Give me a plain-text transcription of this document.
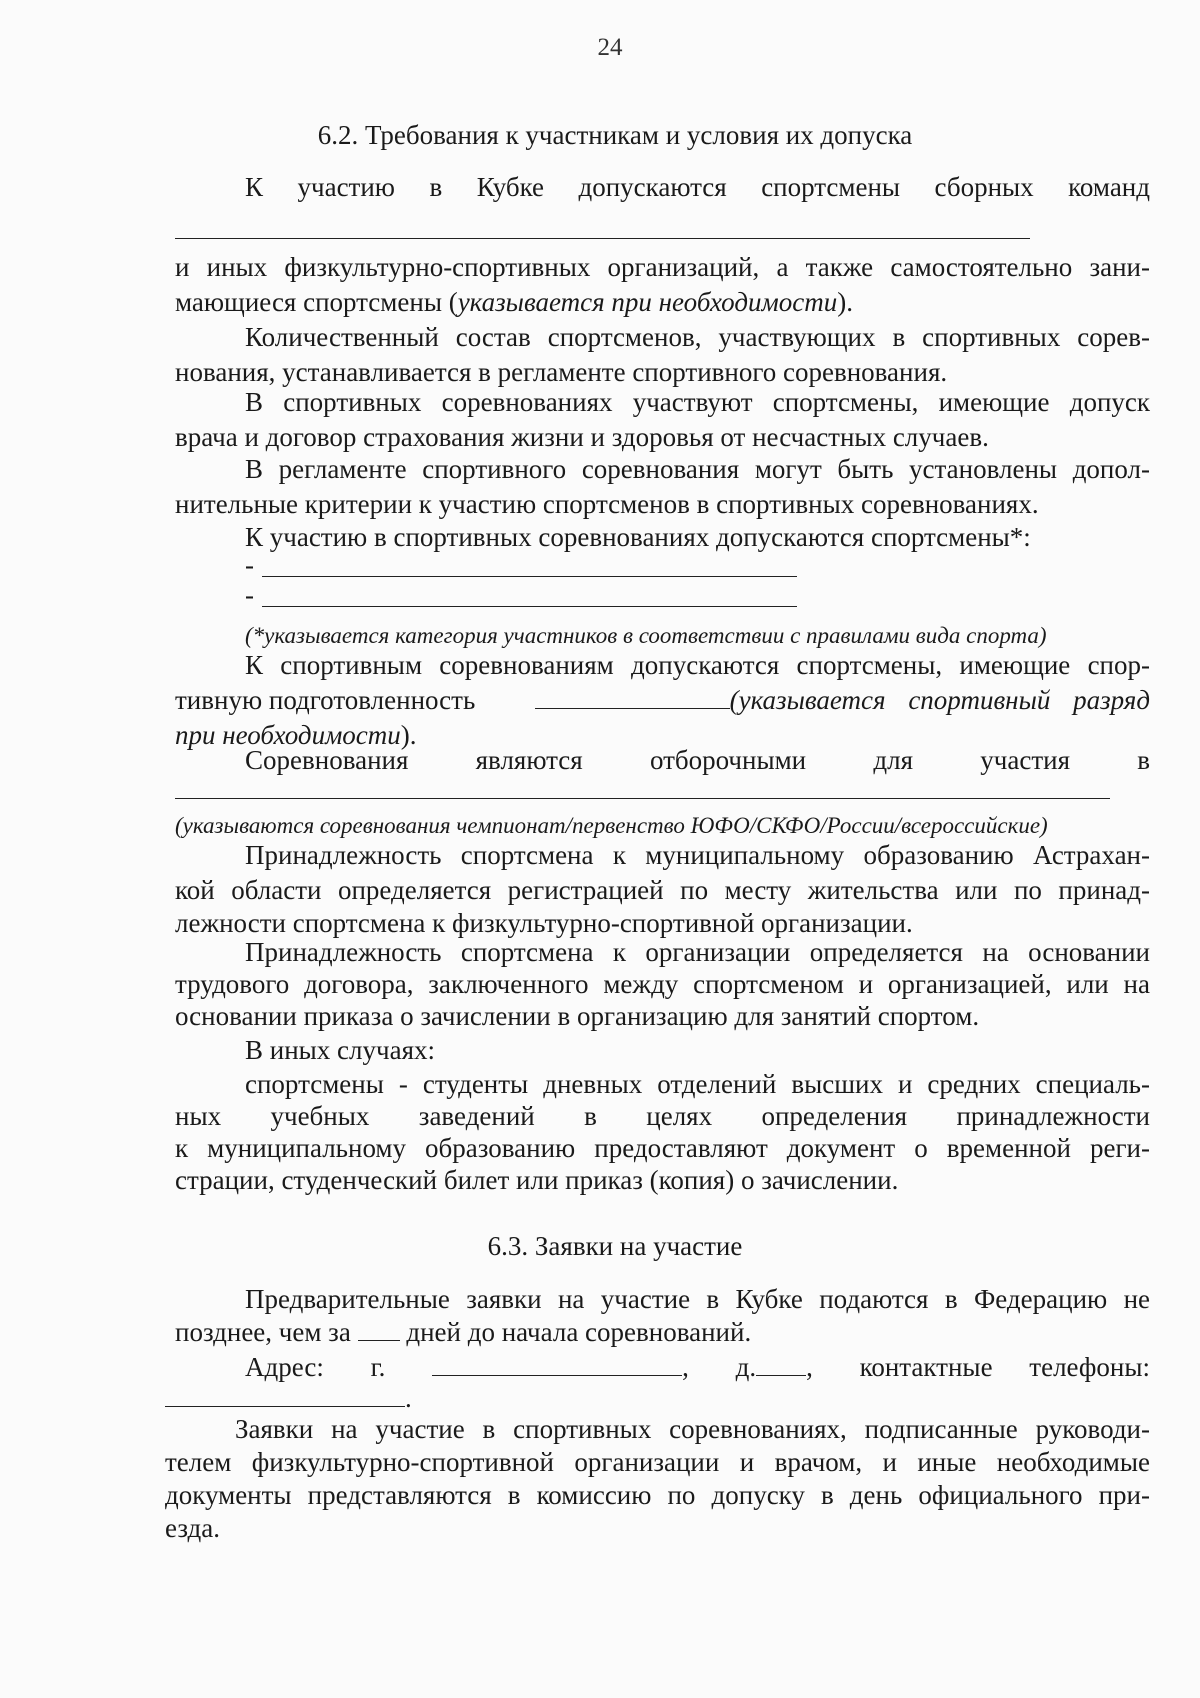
24
6.2. Требования к участникам и условия их допуска
К участию в Кубке допускаются спортсмены сборных команд
и иных физкультурно-спортивных организаций, а также самостоятельно зани-
мающиеся спортсмены (указывается при необходимости).
Количественный состав спортсменов, участвующих в спортивных сорев-
нования, устанавливается в регламенте спортивного соревнования.
В спортивных соревнованиях участвуют спортсмены, имеющие допуск
врача и договор страхования жизни и здоровья от несчастных случаев.
В регламенте спортивного соревнования могут быть установлены допол-
нительные критерии к участию спортсменов в спортивных соревнованиях.
К участию в спортивных соревнованиях допускаются спортсмены*:
-
-
(*указывается категория участников в соответствии с правилами вида спорта)
К спортивным соревнованиям допускаются спортсмены, имеющие спор-
тивную подготовленность	(указывается спортивный разряд
при необходимости).
Соревнования являются отборочными для участия в
(указываются соревнования чемпионат/первенство ЮФО/СКФО/России/всероссийские)
Принадлежность спортсмена к муниципальному образованию Астрахан-
кой области определяется регистрацией по месту жительства или по принад-
лежности спортсмена к физкультурно-спортивной организации.
Принадлежность спортсмена к организации определяется на основании
трудового договора, заключенного между спортсменом и организацией, или на
основании приказа о зачислении в организацию для занятий спортом.
В иных случаях:
спортсмены - студенты дневных отделений высших и средних специаль-
ных учебных заведений в целях определения принадлежности
к муниципальному образованию предоставляют документ о временной реги-
страции, студенческий билет или приказ (копия) о зачислении.
6.3. Заявки на участие
Предварительные заявки на участие в Кубке подаются в Федерацию не
позднее, чем за дней до начала соревнований.
Адрес: г.	, д. , контактные телефоны:
.
Заявки на участие в спортивных соревнованиях, подписанные руководи-
телем физкультурно-спортивной организации и врачом, и иные необходимые
документы представляются в комиссию по допуску в день официального при-
езда.
